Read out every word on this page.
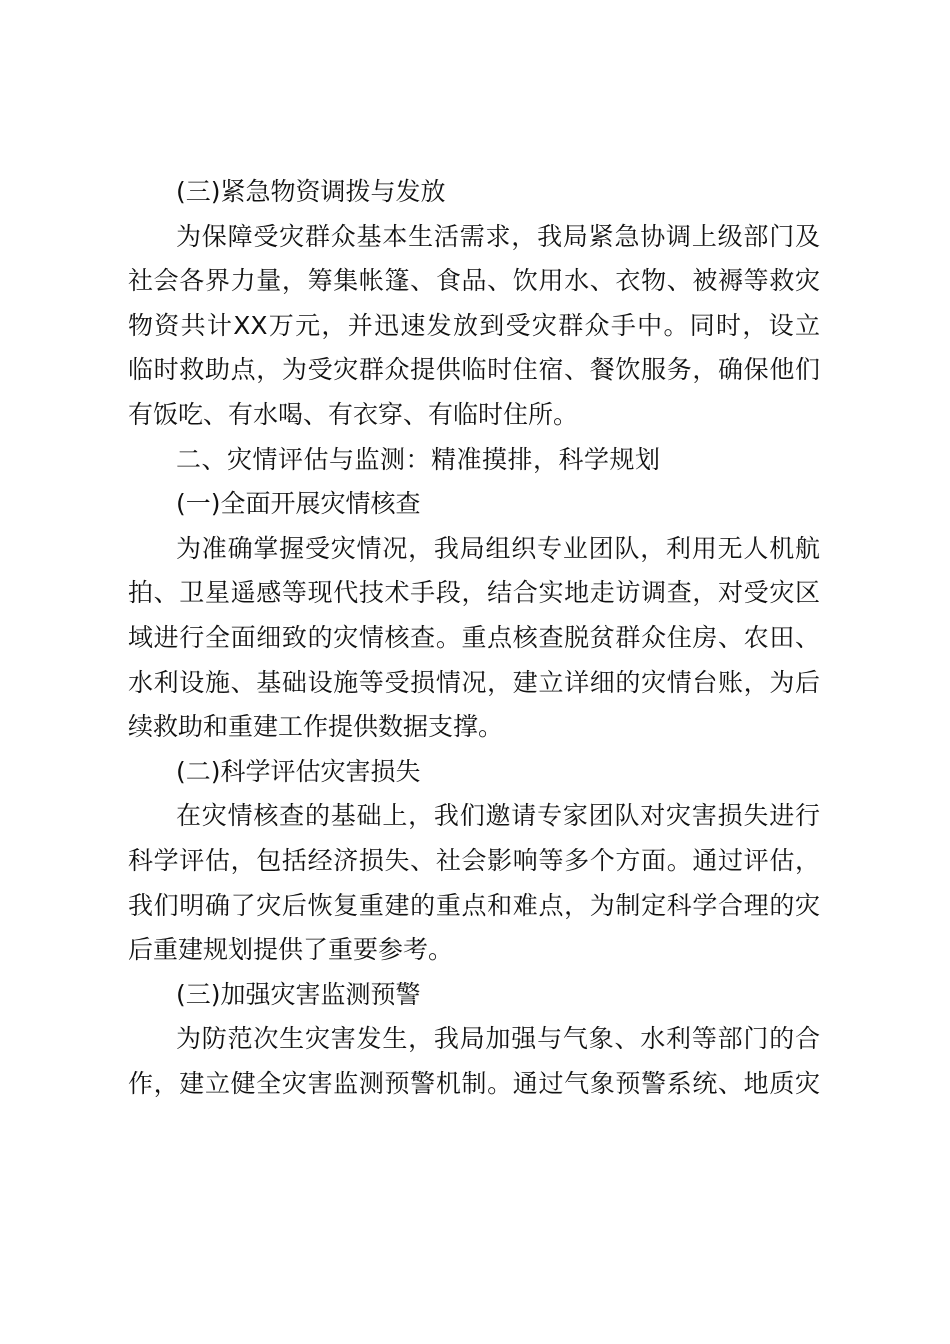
(三)紧急物资调拨与发放
为保障受灾群众基本生活需求，我局紧急协调上级部门及
社会各界力量，筹集帐篷、食品、饮用水、衣物、被褥等救灾
物资共计XX万元，并迅速发放到受灾群众手中。同时，设立
临时救助点，为受灾群众提供临时住宿、餐饮服务，确保他们
有饭吃、有水喝、有衣穿、有临时住所。
二、灾情评估与监测：精准摸排，科学规划
(一)全面开展灾情核查
为准确掌握受灾情况，我局组织专业团队，利用无人机航
拍、卫星遥感等现代技术手段，结合实地走访调查，对受灾区
域进行全面细致的灾情核查。重点核查脱贫群众住房、农田、
水利设施、基础设施等受损情况，建立详细的灾情台账，为后
续救助和重建工作提供数据支撑。
(二)科学评估灾害损失
在灾情核查的基础上，我们邀请专家团队对灾害损失进行
科学评估，包括经济损失、社会影响等多个方面。通过评估，
我们明确了灾后恢复重建的重点和难点，为制定科学合理的灾
后重建规划提供了重要参考。
(三)加强灾害监测预警
为防范次生灾害发生，我局加强与气象、水利等部门的合
作，建立健全灾害监测预警机制。通过气象预警系统、地质灾
